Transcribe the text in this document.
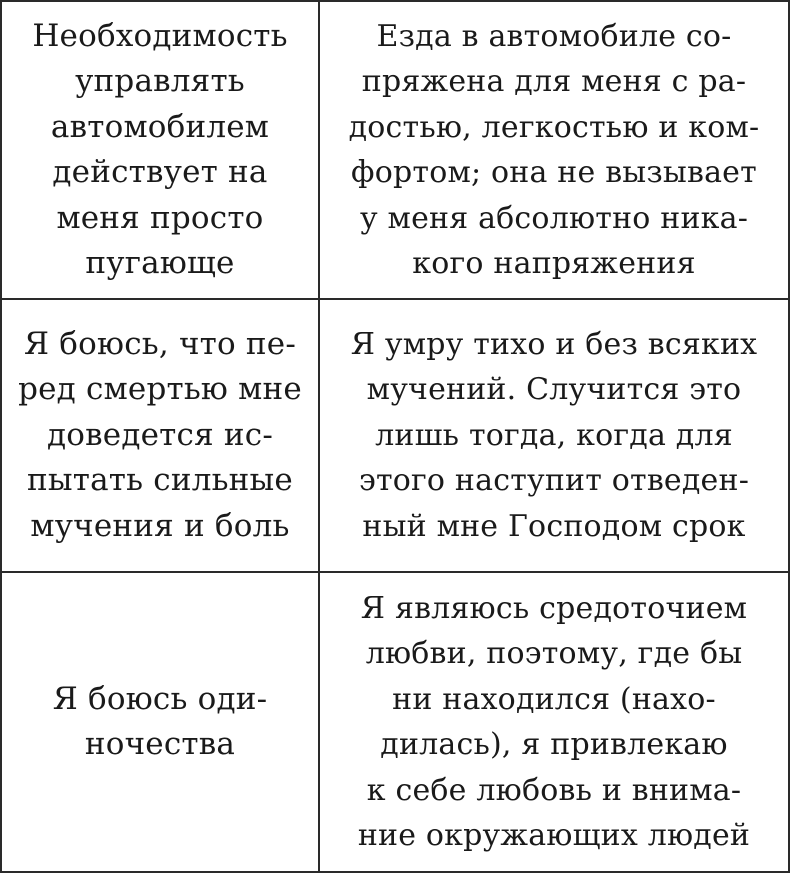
Необходимость
управлять
автомобилем
действует на
меня просто
пугающе
Езда в автомобиле со-
пряжена для меня с ра-
достью, легкостью и ком-
фортом; она не вызывает
у меня абсолютно ника-
кого напряжения
Я боюсь, что пе-
ред смертью мне
доведется ис-
пытать сильные
мучения и боль
Я умру тихо и без всяких
мучений. Случится это
лишь тогда, когда для
этого наступит отведен-
ный мне Господом срок
Я боюсь оди-
ночества
Я являюсь средоточием
любви, поэтому, где бы
ни находился (нахо-
дилась), я привлекаю
к себе любовь и внима-
ние окружающих людей
